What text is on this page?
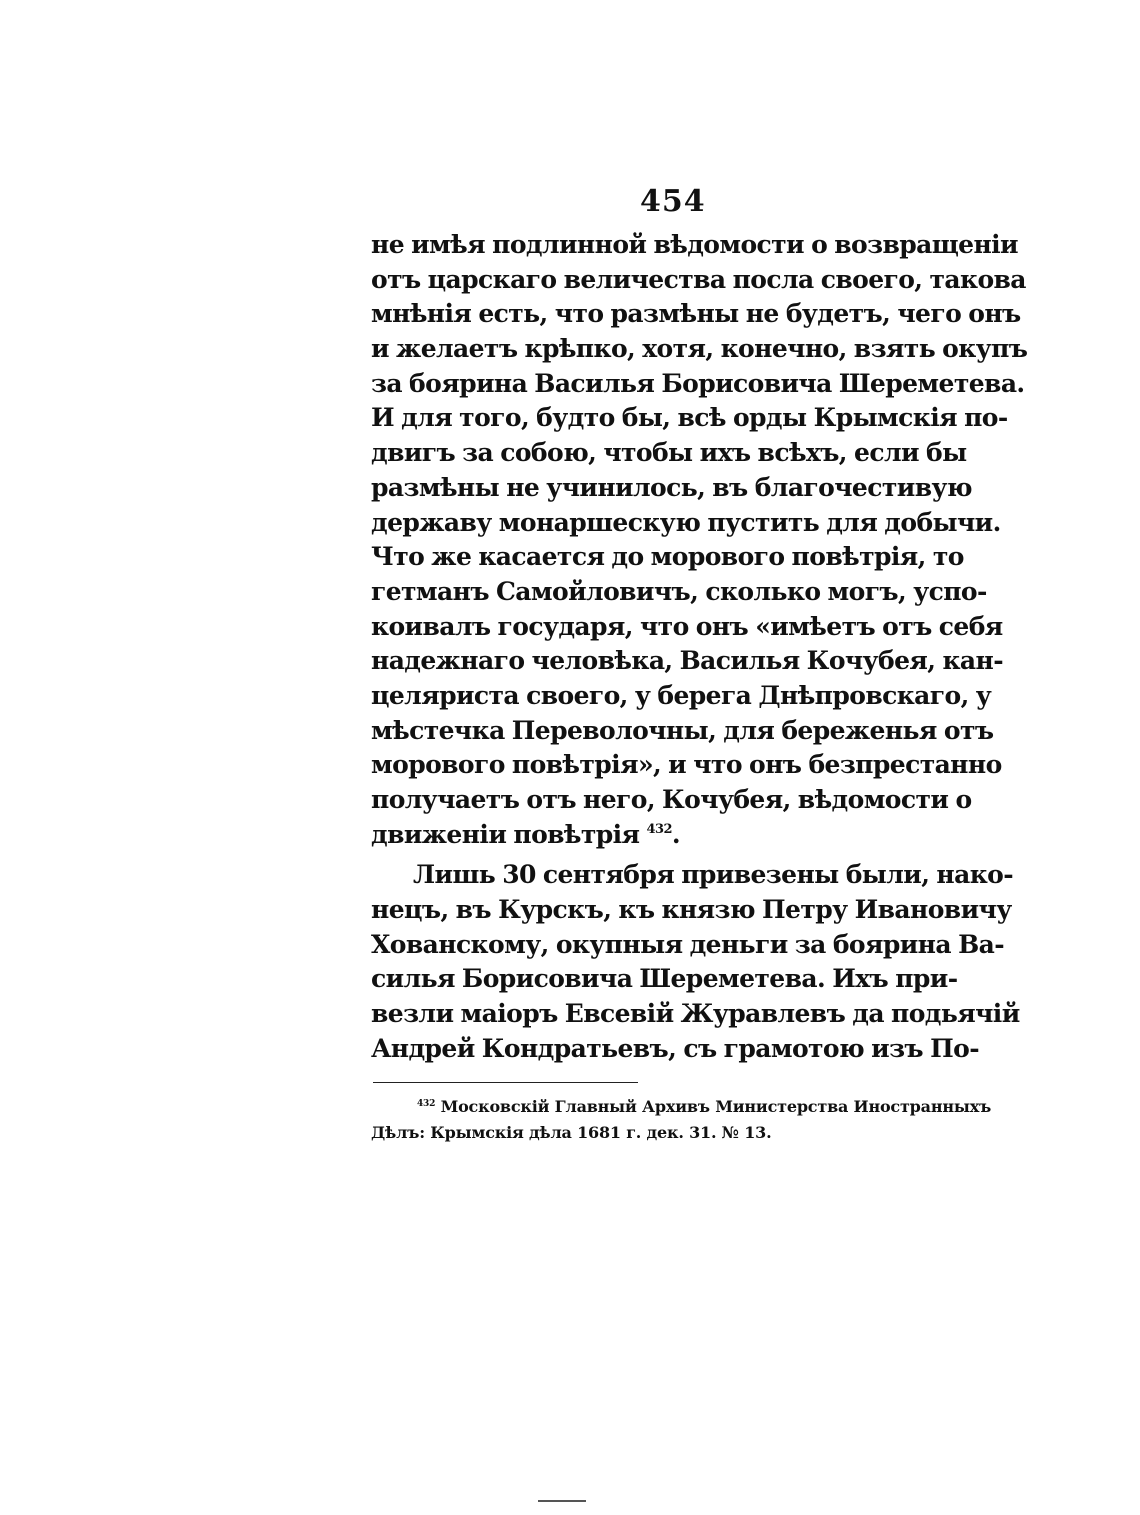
454
не имѣя подлинной вѣдомости о возвращеніи
отъ царскаго величества посла своего, такова
мнѣнія есть, что размѣны не будетъ, чего онъ
и желаетъ крѣпко, хотя, конечно, взять окупъ
за боярина Василья Борисовича Шереметева.
И для того, будто бы, всѣ орды Крымскія по-
двигъ за собою, чтобы ихъ всѣхъ, если бы
размѣны не учинилось, въ благочестивую
державу монаршескую пустить для добычи.
Что же касается до морового повѣтрія, то
гетманъ Самойловичъ, сколько могъ, успо-
коивалъ государя, что онъ «имѣетъ отъ себя
надежнаго человѣка, Василья Кочубея, кан-
целяриста своего, у берега Днѣпровскаго, у
мѣстечка Переволочны, для береженья отъ
морового повѣтрія», и что онъ безпрестанно
получаетъ отъ него, Кочубея, вѣдомости о
движеніи повѣтрія $^{432}$.
Лишь 30 сентября привезены были, нако-
нецъ, въ Курскъ, къ князю Петру Ивановичу
Хованскому, окупныя деньги за боярина Ва-
силья Борисовича Шереметева. Ихъ при-
везли маіоръ Евсевій Журавлевъ да подьячій
Андрей Кондратьевъ, съ грамотою изъ По-
$^{432}$ Московскій Главный Архивъ Министерства Иностранныхъ
Дѣлъ: Крымскія дѣла 1681 г. дек. 31. № 13.
